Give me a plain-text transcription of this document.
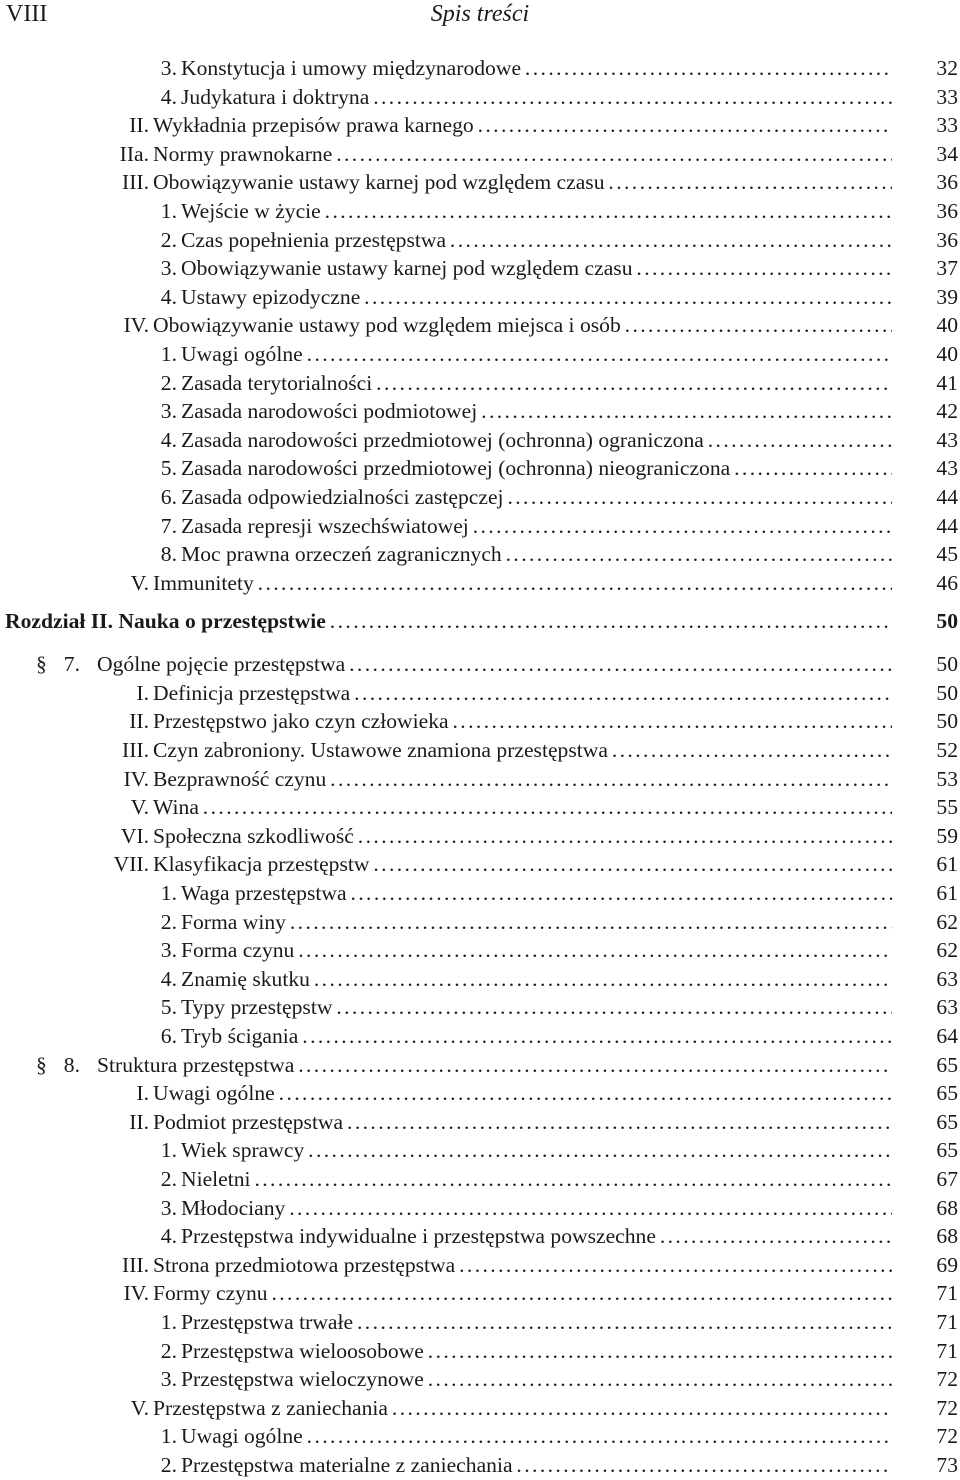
VIII	Spis treści
3. Konstytucja i umowy międzynarodowe . . .	32
4. Judykatura i doktryna . . .	33
II. Wykładnia przepisów prawa karnego . . .	33
IIa. Normy prawnokarne . . .	34
III. Obowiązywanie ustawy karnej pod względem czasu . . .	36
1. Wejście w życie . . .	36
2. Czas popełnienia przestępstwa . . .	36
3. Obowiązywanie ustawy karnej pod względem czasu . . .	37
4. Ustawy epizodyczne . . .	39
IV. Obowiązywanie ustawy pod względem miejsca i osób . . .	40
1. Uwagi ogólne . . .	40
2. Zasada terytorialności . . .	41
3. Zasada narodowości podmiotowej . . .	42
4. Zasada narodowości przedmiotowej (ochronna) ograniczona . . .	43
5. Zasada narodowości przedmiotowej (ochronna) nieograniczona . . .	43
6. Zasada odpowiedzialności zastępczej . . .	44
7. Zasada represji wszechświatowej . . .	44
8. Moc prawna orzeczeń zagranicznych . . .	45
V. Immunitety . . .	46
Rozdział II. Nauka o przestępstwie . . .	50
§ 7. Ogólne pojęcie przestępstwa . . .	50
I. Definicja przestępstwa . . .	50
II. Przestępstwo jako czyn człowieka . . .	50
III. Czyn zabroniony. Ustawowe znamiona przestępstwa . . .	52
IV. Bezprawność czynu . . .	53
V. Wina . . .	55
VI. Społeczna szkodliwość . . .	59
VII. Klasyfikacja przestępstw . . .	61
1. Waga przestępstwa . . .	61
2. Forma winy . . .	62
3. Forma czynu . . .	62
4. Znamię skutku . . .	63
5. Typy przestępstw . . .	63
6. Tryb ścigania . . .	64
§ 8. Struktura przestępstwa . . .	65
I. Uwagi ogólne . . .	65
II. Podmiot przestępstwa . . .	65
1. Wiek sprawcy . . .	65
2. Nieletni . . .	67
3. Młodociany . . .	68
4. Przestępstwa indywidualne i przestępstwa powszechne . . .	68
III. Strona przedmiotowa przestępstwa . . .	69
IV. Formy czynu . . .	71
1. Przestępstwa trwałe . . .	71
2. Przestępstwa wieloosobowe . . .	71
3. Przestępstwa wieloczynowe . . .	72
V. Przestępstwa z zaniechania . . .	72
1. Uwagi ogólne . . .	72
2. Przestępstwa materialne z zaniechania . . .	73
